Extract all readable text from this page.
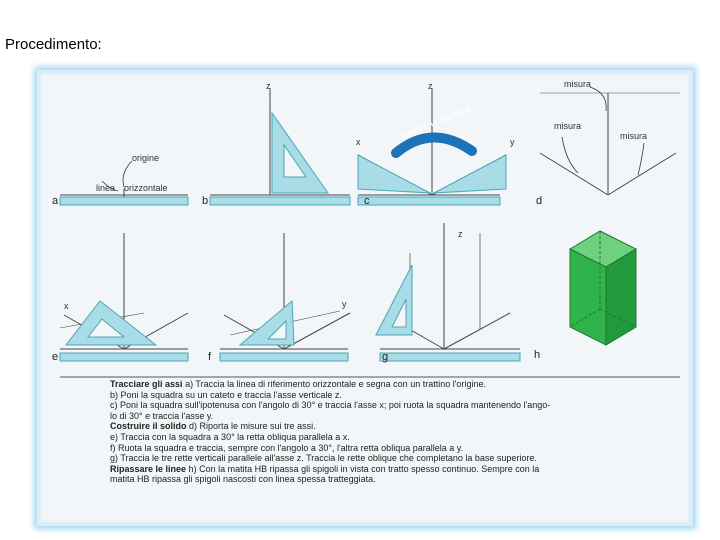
Procedimento:
a	b	c	d
e	f	g	h
origine
linea orizzontale
z	z
x	y
ruotare la squadra
misura
misura
misura
x	y
z
Tracciare gli assi a) Traccia la linea di riferimento orizzontale e segna con un trattino l'origine.
b) Poni la squadra su un cateto e traccia l'asse verticale z.
c) Poni la squadra sull'ipotenusa con l'angolo di 30° e traccia l'asse x; poi ruota la squadra mantenendo l'ango-
lo di 30° e traccia l'asse y.
Costruire il solido d) Riporta le misure sui tre assi.
e) Traccia con la squadra a 30° la retta obliqua parallela a x.
f) Ruota la squadra e traccia, sempre con l'angolo a 30°, l'altra retta obliqua parallela a y.
g) Traccia le tre rette verticali parallele all'asse z. Traccia le rette oblique che completano la base superiore.
Ripassare le linee h) Con la matita HB ripassa gli spigoli in vista con tratto spesso continuo. Sempre con la
matita HB ripassa gli spigoli nascosti con linea spessa tratteggiata.
